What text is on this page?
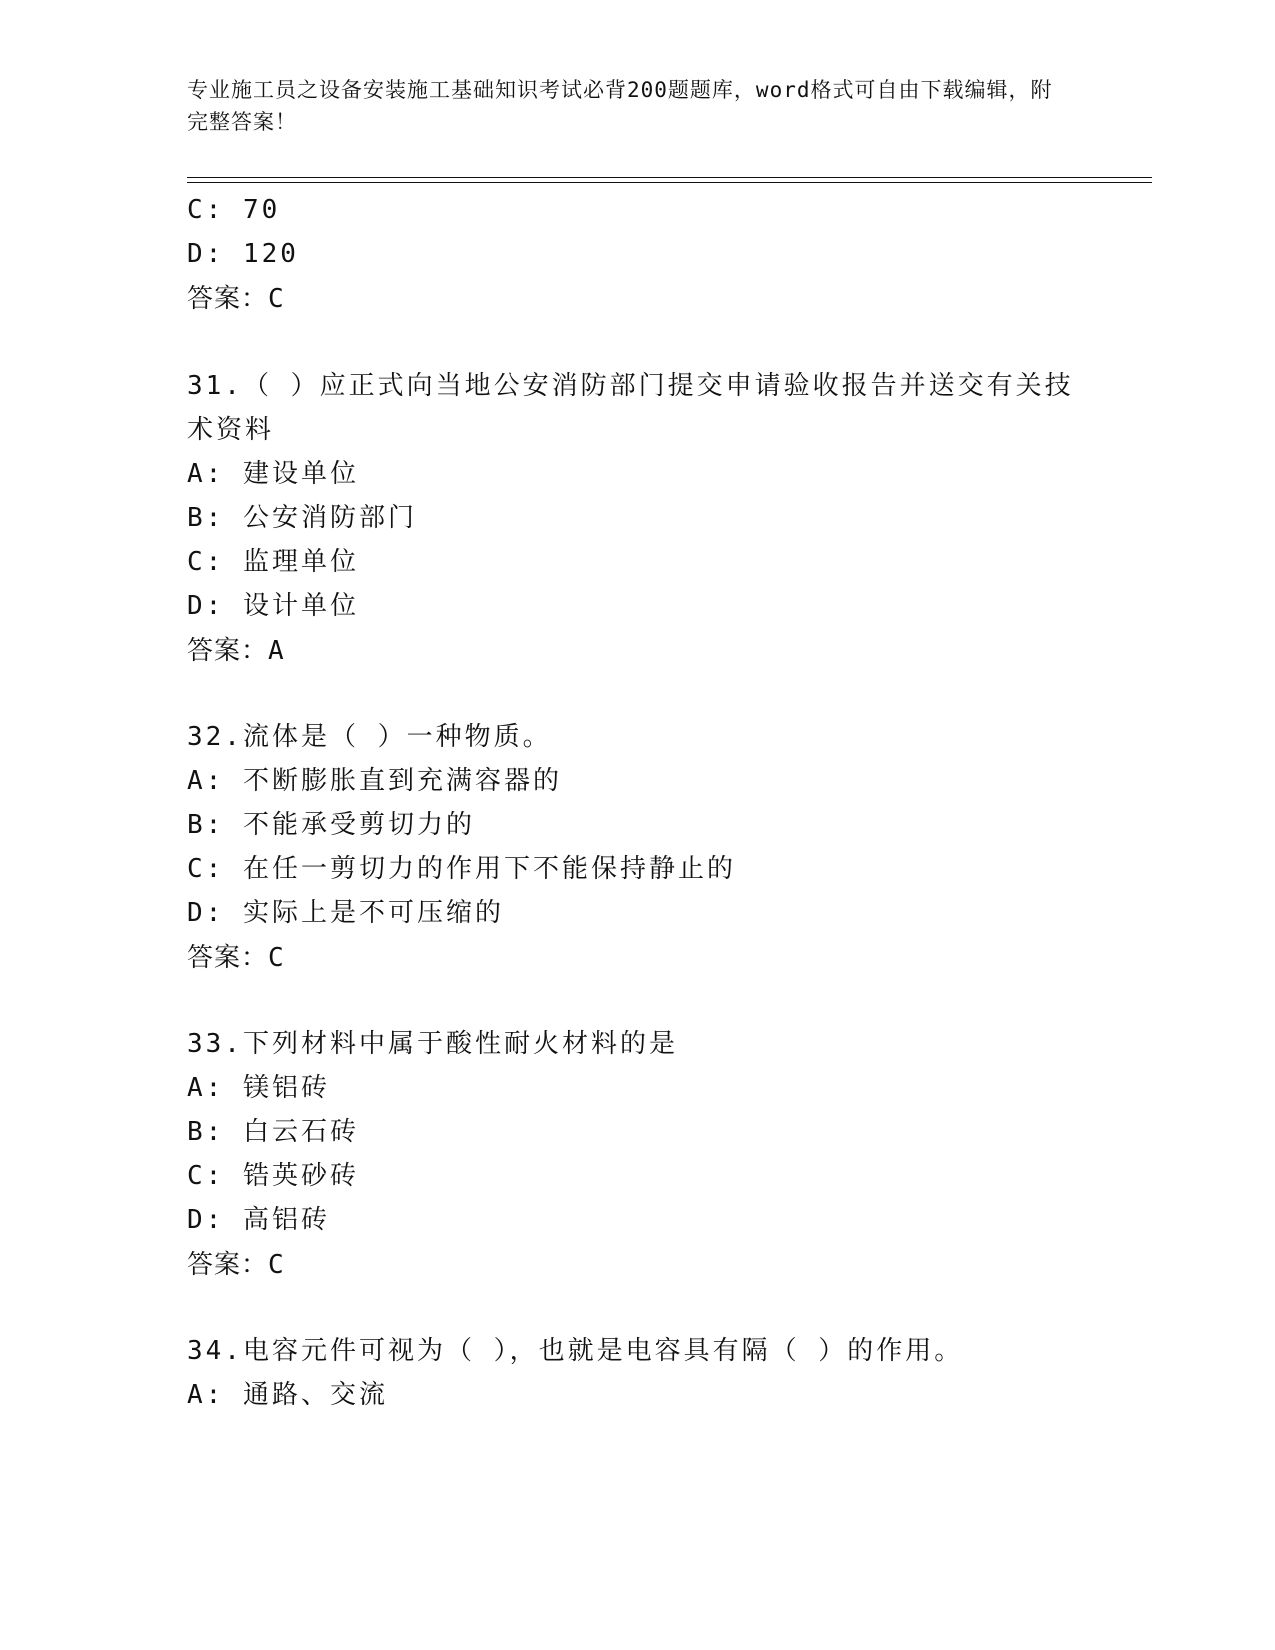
专业施工员之设备安装施工基础知识考试必背200题题库，word格式可自由下载编辑，附完整答案！
C: 70
D: 120
答案：C
31.（ ）应正式向当地公安消防部门提交申请验收报告并送交有关技
术资料
A: 建设单位
B: 公安消防部门
C: 监理单位
D: 设计单位
答案：A
32.流体是（ ）一种物质。
A: 不断膨胀直到充满容器的
B: 不能承受剪切力的
C: 在任一剪切力的作用下不能保持静止的
D: 实际上是不可压缩的
答案：C
33.下列材料中属于酸性耐火材料的是
A: 镁铝砖
B: 白云石砖
C: 锆英砂砖
D: 高铝砖
答案：C
34.电容元件可视为（ ），也就是电容具有隔（ ）的作用。
A: 通路、交流
